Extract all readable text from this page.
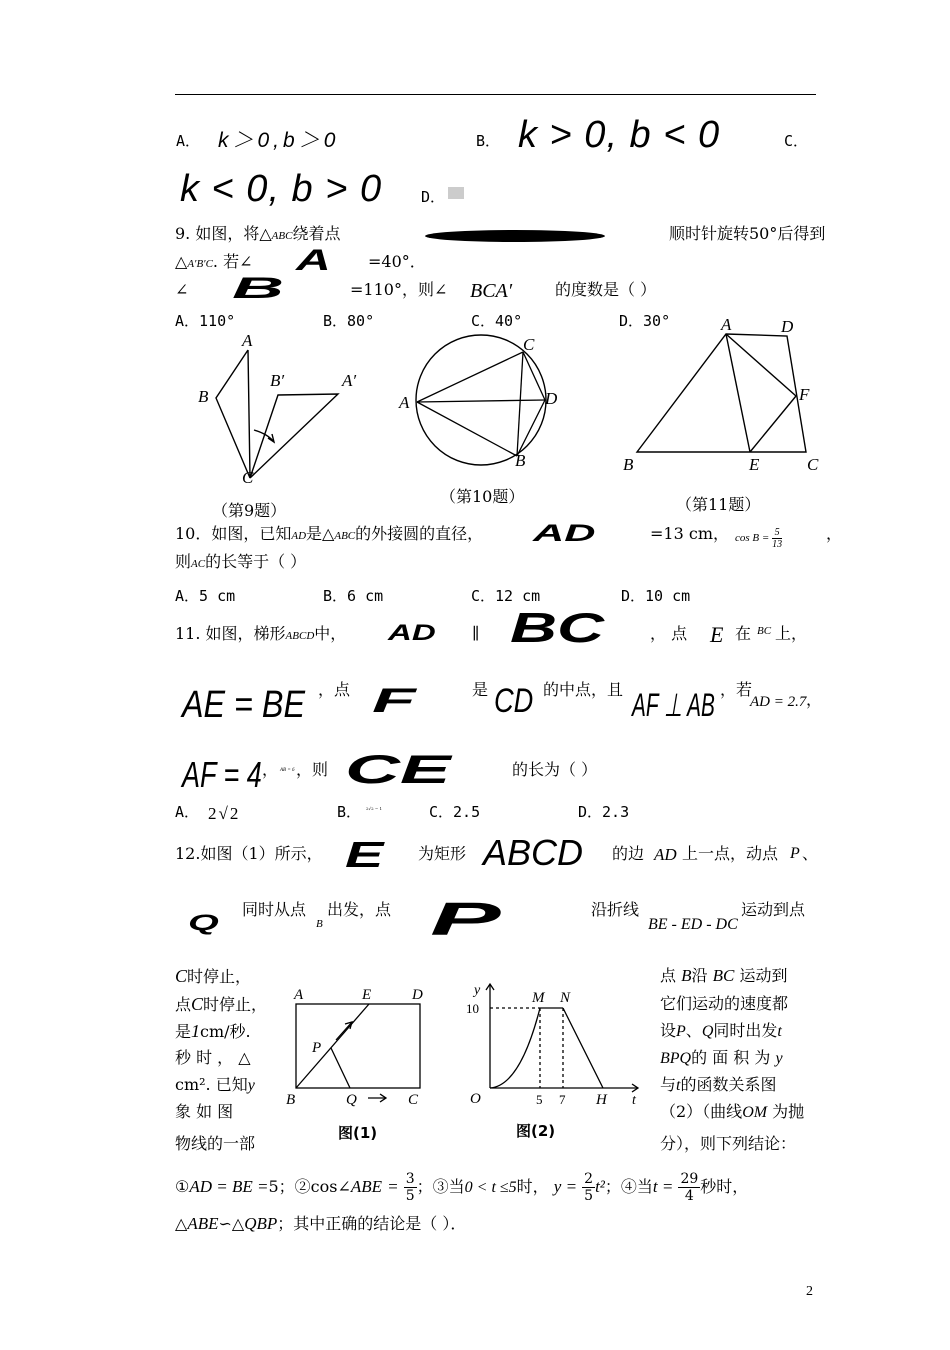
A． k＞0,b＞0	B． k > 0, b < 0	C．
k < 0, b > 0	D．
9. 如图，将△ABC绕着点	顺时针旋转50°后得到
△A′B′C. 若∠ A =40°．
∠ B	=110°，则∠ BCA′	的度数是（ ）
A．110°	B．80°	C．40°	D．30°
A
B
B′	A′
C
（第9题）
A
C
D
B
（第10题）
A	D
F
B	E	C
（第11题）
10．如图，已知AD是△ABC的外接圆的直径， AD	=13 cm， $\cos B = \frac{5}{13}$	，
则AC的长等于（ ）
A．5 cm	B．6 cm	C．12 cm	D．10 cm
11. 如图，梯形ABCD中， AD ∥ BC	， 点 E 在 BC 上，
AE = BE ，点 F	是 CD 的中点，且 AF ⊥ AB ，若
AD = 2.7 ，
AF = 4 ， AB = 6 ，则 CE	的长为（ ）
A． 2√2	B． 2√2 − 1	C．2.5	D．2.3
12.如图（1）所示， E 为矩形 ABCD 的边 AD 上一点，动点 P 、
Q
同时从点
B
出发，点 P	沿折线
BE - ED - DC
运动到点
C时停止，
点C时停止，
是1cm/秒.
秒 时 ， △
cm². 已知y
象 如 图
物线的一部
点 B沿 BC 运动到
它们运动的速度都
设P、Q同时出发t
BPQ的 面 积 为 y
与t的函数关系图
（2）（曲线OM 为抛
分），则下列结论：
A	E	D
P
B	Q	C
图(1)
y
10
M N
O	5 7 H t
图(2)
①AD = BE =5；②cos∠ABE = $\frac{3}{5}$ ；③当0 < t ≤5时， $y = \frac{2}{5} t^2$；④当$t = \frac{29}{4}$ 秒时，
△ABE∽△QBP；其中正确的结论是（ ）．
2
